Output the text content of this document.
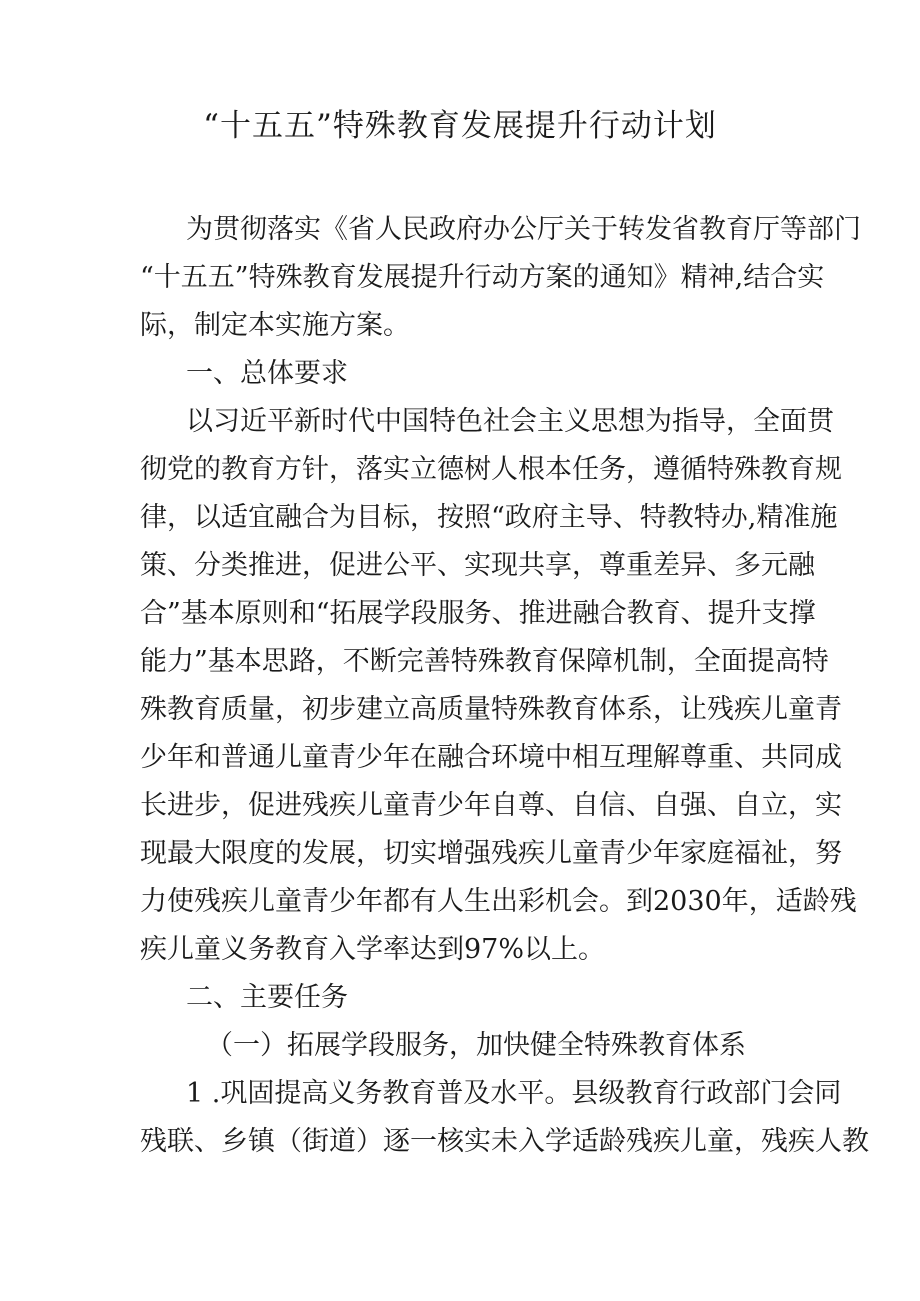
“十五五”特殊教育发展提升行动计划
为贯彻落实《省人民政府办公厅关于转发省教育厅等部门
“十五五”特殊教育发展提升行动方案的通知》精神,结合实
际，制定本实施方案。
一、总体要求
以习近平新时代中国特色社会主义思想为指导，全面贯
彻党的教育方针，落实立德树人根本任务，遵循特殊教育规
律，以适宜融合为目标，按照“政府主导、特教特办,精准施
策、分类推进，促进公平、实现共享，尊重差异、多元融
合”基本原则和“拓展学段服务、推进融合教育、提升支撑
能力”基本思路，不断完善特殊教育保障机制，全面提高特
殊教育质量，初步建立高质量特殊教育体系，让残疾儿童青
少年和普通儿童青少年在融合环境中相互理解尊重、共同成
长进步，促进残疾儿童青少年自尊、自信、自强、自立，实
现最大限度的发展，切实增强残疾儿童青少年家庭福祉，努
力使残疾儿童青少年都有人生出彩机会。到2030年，适龄残
疾儿童义务教育入学率达到97%以上。
二、主要任务
（一）拓展学段服务，加快健全特殊教育体系
1 .巩固提高义务教育普及水平。县级教育行政部门会同
残联、乡镇（街道）逐一核实未入学适龄残疾儿童，残疾人教
